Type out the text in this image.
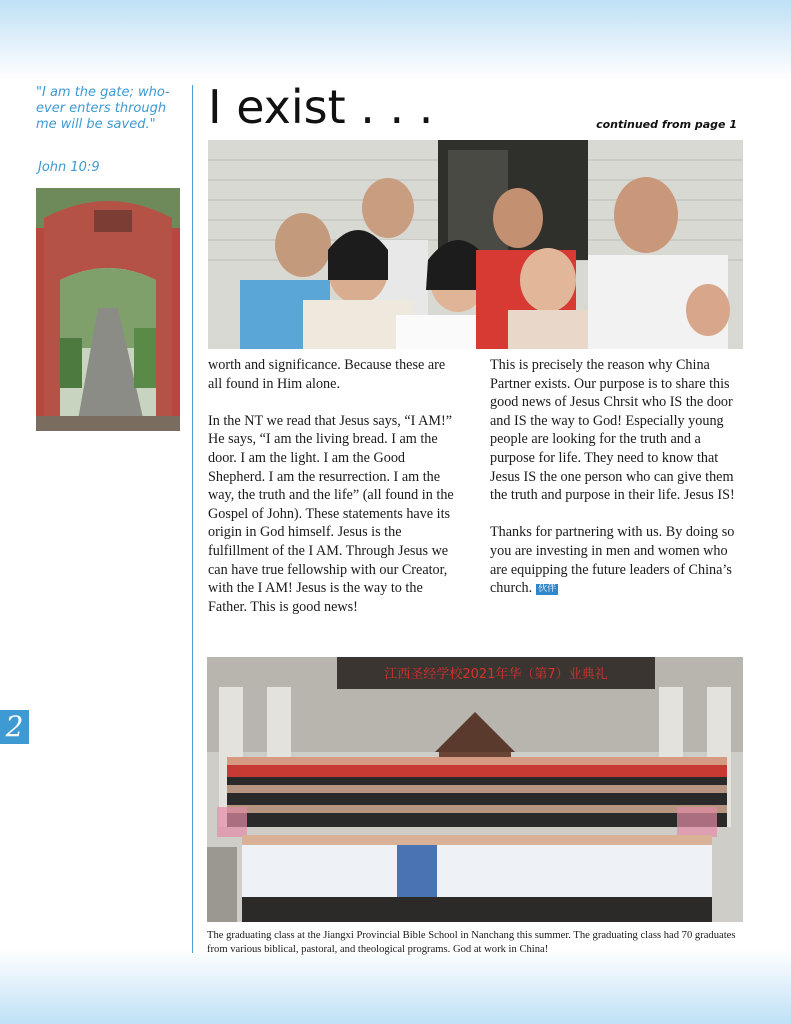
"I am the gate; who-ever enters through me will be saved."
John 10:9
I exist . . .	continued from page 1

worth and significance. Because these are all found in Him alone.

In the NT we read that Jesus says, “I AM!” He says, “I am the living bread. I am the door. I am the light. I am the Good Shepherd. I am the resurrection. I am the way, the truth and the life” (all found in the Gospel of John). These statements have its origin in God himself. Jesus is the fulfillment of the I AM. Through Jesus we can have true fellowship with our Creator, with the I AM! Jesus is the way to the Father. This is good news!

This is precisely the reason why China Partner exists. Our purpose is to share this good news of Jesus Chrsit who IS the door and IS the way to God! Especially young people are looking for the truth and a purpose for life. They need to know that Jesus IS the one person who can give them the truth and purpose in their life. Jesus IS!

Thanks for partnering with us. By doing so you are investing in men and women who are equipping the future leaders of China’s church. 伙伴

江西圣经学校2021年华（第7）业典礼
The graduating class at the Jiangxi Provincial Bible School in Nanchang this summer. The graduating class had 70 graduates from various biblical, pastoral, and theological programs. God at work in China!
2
